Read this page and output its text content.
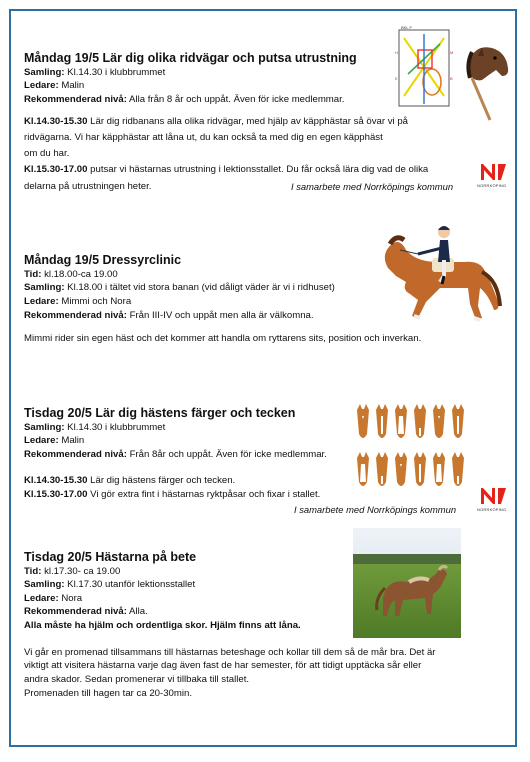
Måndag 19/5 Lär dig olika ridvägar och putsa utrustning
Samling: Kl.14.30 i klubbrummet
Ledare: Malin
Rekommenderad nivå: Alla från 8 år och uppåt. Även för icke medlemmar.
Kl.14.30-15.30 Lär dig ridbanans alla olika ridvägar, med hjälp av käpphästar så övar vi på
ridvägarna. Vi har käpphästar att låna ut, du kan också ta med dig en egen käpphäst
om du har.
Kl.15.30-17.00 putsar vi hästarnas utrustning i lektionsstallet. Du får också lära dig vad de olika
delarna på utrustningen heter.	I samarbete med Norrköpings kommun
BKL F
H
E
M
B
NORRKÖPING
Måndag 19/5 Dressyrclinic
Tid: kl.18.00-ca 19.00
Samling: Kl.18.00 i tältet vid stora banan (vid dåligt väder är vi i ridhuset)
Ledare: Mimmi och Nora
Rekommenderad nivå: Från III-IV och uppåt men alla är välkomna.
Mimmi rider sin egen häst och det kommer att handla om ryttarens sits, position och inverkan.
Tisdag 20/5 Lär dig hästens färger och tecken
Samling: Kl.14.30 i klubbrummet
Ledare: Malin
Rekommenderad nivå: Från 8år och uppåt. Även för icke medlemmar.
Kl.14.30-15.30 Lär dig hästens färger och tecken.
Kl.15.30-17.00 Vi gör extra fint i hästarnas ryktpåsar och fixar i stallet.
I samarbete med Norrköpings kommun	NORRKÖPING
Tisdag 20/5 Hästarna på bete
Tid: kl.17.30- ca 19.00
Samling: Kl.17.30 utanför lektionsstallet
Ledare: Nora
Rekommenderad nivå: Alla.
Alla måste ha hjälm och ordentliga skor. Hjälm finns att låna.
Vi går en promenad tillsammans till hästarnas beteshage och kollar till dem så de mår bra. Det är
viktigt att visitera hästarna varje dag även fast de har semester, för att tidigt upptäcka sår eller
andra skador. Sedan promenerar vi tillbaka till stallet.
Promenaden till hagen tar ca 20-30min.
